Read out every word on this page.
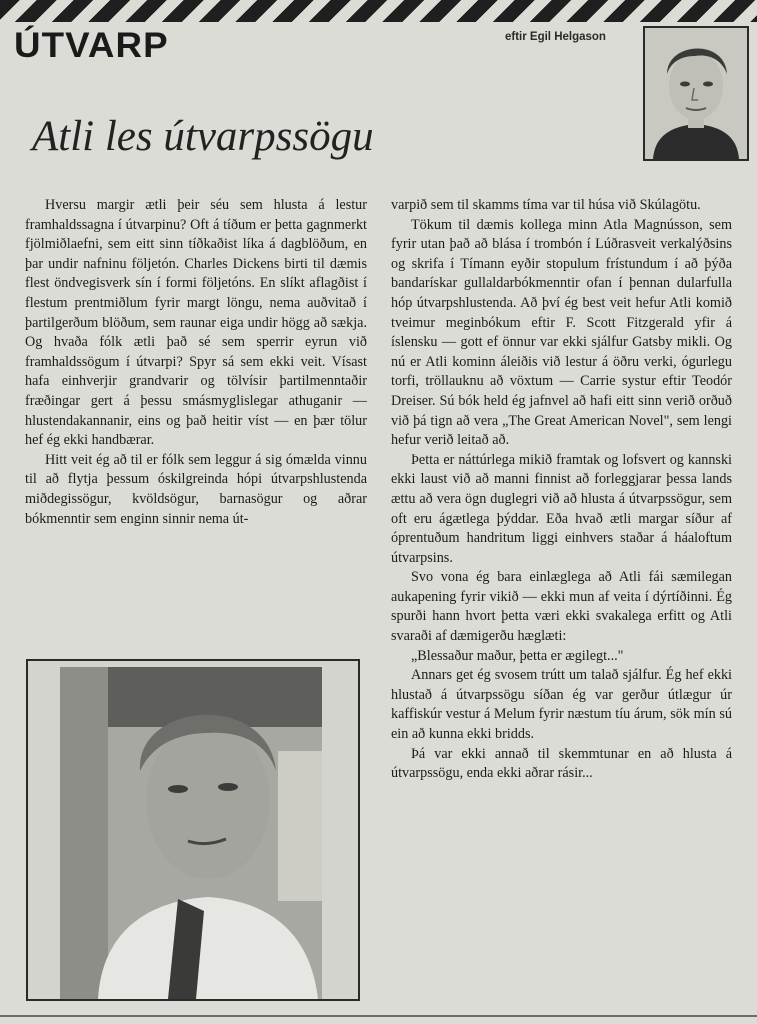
ÚTVARP	eftir Egil Helgason
Atli les útvarpssögu

Hversu margir ætli þeir séu sem hlusta á lestur framhaldssagna í útvarpinu? Oft á tíðum er þetta gagnmerkt fjölmiðlaefni, sem eitt sinn tíðkaðist líka á dagblöðum, en þar undir nafninu följetón. Charles Dickens birti til dæmis flest öndvegisverk sín í formi följetóns. En slíkt aflagðist í flestum prentmiðlum fyrir margt löngu, nema auðvitað í þartilgerðum blöðum, sem raunar eiga undir högg að sækja. Og hvaða fólk ætli það sé sem sperrir eyrun við framhaldssögum í útvarpi? Spyr sá sem ekki veit. Vísast hafa einhverjir grandvarir og tölvísir þartilmenntaðir fræðingar gert á þessu smásmyglislegar athuganir — hlustendakannanir, eins og það heitir víst — en þær tölur hef ég ekki handbærar.

Hitt veit ég að til er fólk sem leggur á sig ómælda vinnu til að flytja þessum óskilgreinda hópi útvarpshlustenda miðdegissögur, kvöldsögur, barnasögur og aðrar bókmenntir sem enginn sinnir nema út-

varpið sem til skamms tíma var til húsa við Skúlagötu.

Tökum til dæmis kollega minn Atla Magnússon, sem fyrir utan það að blása í trombón í Lúðrasveit verkalýðsins og skrifa í Tímann eyðir stopulum frístundum í að þýða bandarískar gullaldarbókmenntir ofan í þennan dularfulla hóp útvarpshlustenda. Að því ég best veit hefur Atli komið tveimur meginbókum eftir F. Scott Fitzgerald yfir á íslensku — gott ef önnur var ekki sjálfur Gatsby mikli. Og nú er Atli kominn áleiðis við lestur á öðru verki, ógurlegu torfi, tröllauknu að vöxtum — Carrie systur eftir Teodór Dreiser. Sú bók held ég jafnvel að hafi eitt sinn verið orðuð við þá tign að vera „The Great American Novel", sem lengi hefur verið leitað að.

Þetta er náttúrlega mikið framtak og lofsvert og kannski ekki laust við að manni finnist að forleggjarar þessa lands ættu að vera ögn duglegri við að hlusta á útvarpssögur, sem oft eru ágætlega þýddar. Eða hvað ætli margar síður af óprentuðum handritum liggi einhvers staðar á háaloftum útvarpsins.

Svo vona ég bara einlæglega að Atli fái sæmilegan aukapening fyrir vikið — ekki mun af veita í dýrtíðinni. Ég spurði hann hvort þetta væri ekki svakalega erfitt og Atli svaraði af dæmigerðu hæglæti:

„Blessaður maður, þetta er ægilegt..."

Annars get ég svosem trútt um talað sjálfur. Ég hef ekki hlustað á útvarpssögu síðan ég var gerður útlægur úr kaffiskúr vestur á Melum fyrir næstum tíu árum, sök mín sú ein að kunna ekki bridds.

Þá var ekki annað til skemmtunar en að hlusta á útvarpssögu, enda ekki aðrar rásir...
